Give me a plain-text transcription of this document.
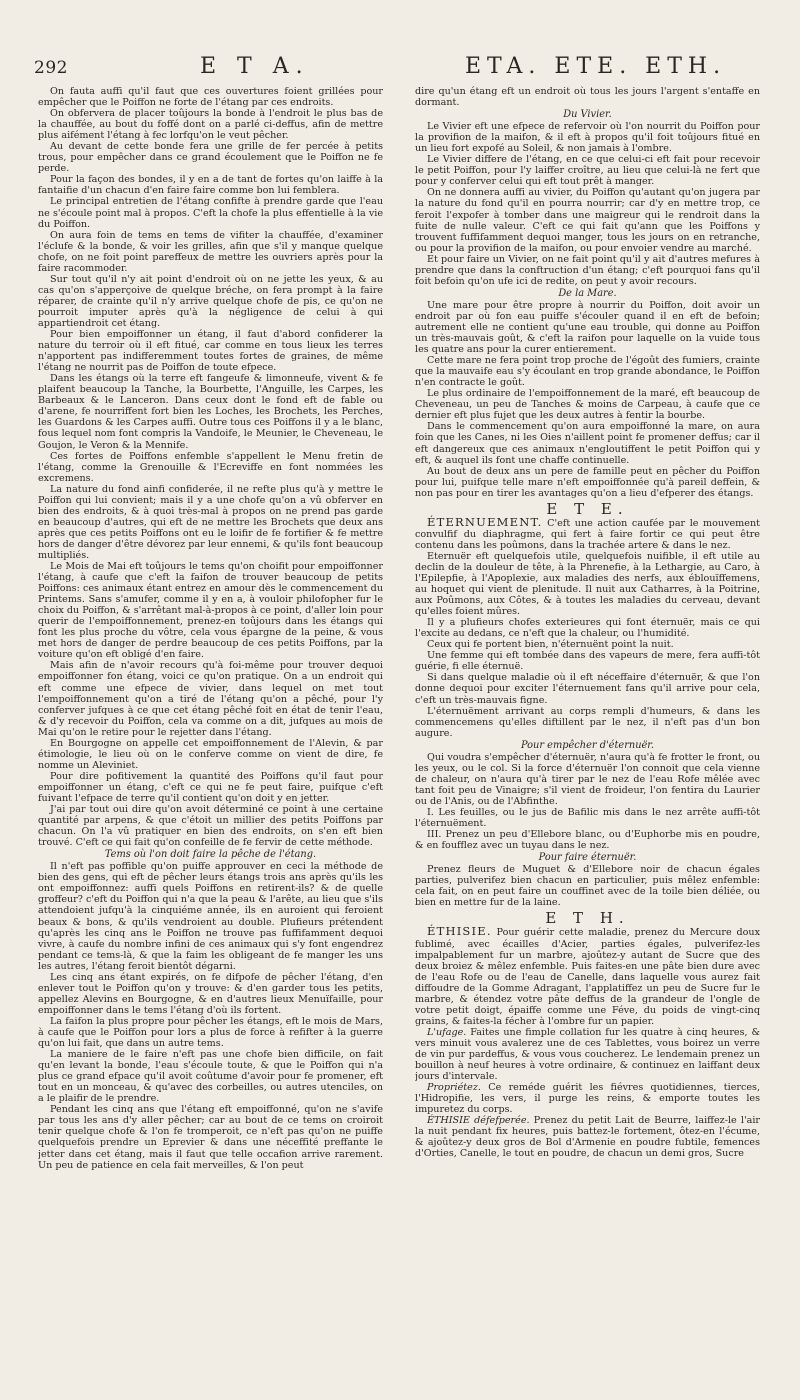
292	E T A.	ETA. ETE. ETH.

On fauta auffi qu'il faut que ces ouvertures foient grillées pour empêcher que le Poiffon ne forte de l'étang par ces endroits.

On obfervera de placer toûjours la bonde à l'endroit le plus bas de la chauffée, au bout du foffé dont on a parlé ci-deffus, afin de mettre plus aifément l'étang à fec lorfqu'on le veut pêcher.

Au devant de cette bonde fera une grille de fer percée à petits trous, pour empêcher dans ce grand écoulement que le Poiffon ne fe perde.

Pour la façon des bondes, il y en a de tant de fortes qu'on laiffe à la fantaifie d'un chacun d'en faire faire comme bon lui femblera.

Le principal entretien de l'étang confifte à prendre garde que l'eau ne s'écoule point mal à propos. C'eft la chofe la plus effentielle à la vie du Poiffon.

On aura foin de tems en tems de vifiter la chauffée, d'examiner l'éclufe & la bonde, & voir les grilles, afin que s'il y manque quelque chofe, on ne foit point pareffeux de mettre les ouvriers après pour la faire racommoder.

Sur tout qu'il n'y ait point d'endroit où on ne jette les yeux, & au cas qu'on s'apperçoive de quelque bréche, on fera prompt à la faire réparer, de crainte qu'il n'y arrive quelque chofe de pis, ce qu'on ne pourroit imputer après qu'à la négligence de celui à qui appartiendroit cet étang.

Pour bien empoiffonner un étang, il faut d'abord confiderer la nature du terroir où il eft fitué, car comme en tous lieux les terres n'apportent pas indifferemment toutes fortes de graines, de même l'étang ne nourrit pas de Poiffon de toute efpece.

Dans les étangs où la terre eft fangeufe & limonneufe, vivent & fe plaifent beaucoup la Tanche, la Bourbette, l'Anguille, les Carpes, les Barbeaux & le Lanceron. Dans ceux dont le fond eft de fable ou d'arene, fe nourriffent fort bien les Loches, les Brochets, les Perches, les Guardons & les Carpes auffi. Outre tous ces Poiffons il y a le blanc, fous lequel nom font compris la Vandoife, le Meunier, le Cheveneau, le Goujon, le Veron & la Mennife.

Ces fortes de Poiffons enfemble s'appellent le Menu fretin de l'étang, comme la Grenouille & l'Ecreviffe en font nommées les excremens.

La nature du fond ainfi confiderée, il ne refte plus qu'à y mettre le Poiffon qui lui convient; mais il y a une chofe qu'on a vû obferver en bien des endroits, & à quoi très-mal à propos on ne prend pas garde en beaucoup d'autres, qui eft de ne mettre les Brochets que deux ans après que ces petits Poiffons ont eu le loifir de fe fortifier & fe mettre hors de danger d'être dévorez par leur ennemi, & qu'ils font beaucoup multipliés.

Le Mois de Mai eft toûjours le tems qu'on choifit pour empoiffonner l'étang, à caufe que c'eft la faifon de trouver beaucoup de petits Poiffons: ces animaux étant entrez en amour dès le commencement du Printems. Sans s'amufer, comme il y en a, à vouloir philofopher fur le choix du Poiffon, & s'arrêtant mal-à-propos à ce point, d'aller loin pour querir de l'empoiffonnement, prenez-en toûjours dans les étangs qui font les plus proche du vôtre, cela vous épargne de la peine, & vous met hors de danger de perdre beaucoup de ces petits Poiffons, par la voiture qu'on eft obligé d'en faire.

Mais afin de n'avoir recours qu'à foi-même pour trouver dequoi empoiffonner fon étang, voici ce qu'on pratique. On a un endroit qui eft comme une efpece de vivier, dans lequel on met tout l'empoiffonnement qu'on a tiré de l'étang qu'on a pêché, pour l'y conferver jufques à ce que cet étang pêché foit en état de tenir l'eau, & d'y recevoir du Poiffon, cela va comme on a dit, jufques au mois de Mai qu'on le retire pour le rejetter dans l'étang.

En Bourgogne on appelle cet empoiffonnement de l'Alevin, & par étimologie, le lieu où on le conferve comme on vient de dire, fe nomme un Aleviniet.

Pour dire pofitivement la quantité des Poiffons qu'il faut pour empoiffonner un étang, c'eft ce qui ne fe peut faire, puifque c'eft fuivant l'efpace de terre qu'il contient qu'on doit y en jetter.

J'ai par tout oui dire qu'on avoit déterminé ce point à une certaine quantité par arpens, & que c'étoit un millier des petits Poiffons par chacun. On l'a vû pratiquer en bien des endroits, on s'en eft bien trouvé. C'eft ce qui fait qu'on confeille de fe fervir de cette méthode.

Tems où l'on doit faire la pêche de l'étang.

Il n'eft pas poffible qu'on puiffe approuver en ceci la méthode de bien des gens, qui eft de pêcher leurs étangs trois ans après qu'ils les ont empoiffonnez: auffi quels Poiffons en retirent-ils? & de quelle groffeur? c'eft du Poiffon qui n'a que la peau & l'arête, au lieu que s'ils attendoient jufqu'à la cinquiéme année, ils en auroient qui feroient beaux & bons, & qu'ils vendroient au double. Plufieurs prétendent qu'après les cinq ans le Poiffon ne trouve pas fuffifamment dequoi vivre, à caufe du nombre infini de ces animaux qui s'y font engendrez pendant ce tems-là, & que la faim les obligeant de fe manger les uns les autres, l'étang feroit bientôt dégarni.

Les cinq ans étant expirés, on fe difpofe de pêcher l'étang, d'en enlever tout le Poiffon qu'on y trouve: & d'en garder tous les petits, appellez Alevins en Bourgogne, & en d'autres lieux Menuïfaille, pour empoiffonner dans le tems l'étang d'où ils fortent.

La faifon la plus propre pour pêcher les étangs, eft le mois de Mars, à caufe que le Poiffon pour lors a plus de force à refifter à la guerre qu'on lui fait, que dans un autre tems.

La maniere de le faire n'eft pas une chofe bien difficile, on fait qu'en levant la bonde, l'eau s'écoule toute, & que le Poiffon qui n'a plus ce grand efpace qu'il avoit coûtume d'avoir pour fe promener, eft tout en un monceau, & qu'avec des corbeilles, ou autres utenciles, on a le plaifir de le prendre.

Pendant les cinq ans que l'étang eft empoiffonné, qu'on ne s'avife par tous les ans d'y aller pêcher; car au bout de ce tems on croiroit tenir quelque chofe & l'on fe tromperoit, ce n'eft pas qu'on ne puiffe quelquefois prendre un Eprevier & dans une néceffité preffante le jetter dans cet étang, mais il faut que telle occafion arrive rarement. Un peu de patience en cela fait merveilles, & l'on peut

dire qu'un étang eft un endroit où tous les jours l'argent s'entaffe en dormant.

Du Vivier.

Le Vivier eft une efpece de refervoir où l'on nourrit du Poiffon pour la provifion de la maifon, & il eft à propos qu'il foit toûjours fitué en un lieu fort expofé au Soleil, & non jamais à l'ombre.

Le Vivier differe de l'étang, en ce que celui-ci eft fait pour recevoir le petit Poiffon, pour l'y laiffer croître, au lieu que celui-là ne fert que pour y conferver celui qui eft tout prêt à manger.

On ne donnera auffi au vivier, du Poiffon qu'autant qu'on jugera par la nature du fond qu'il en pourra nourrir; car d'y en mettre trop, ce feroit l'expofer à tomber dans une maigreur qui le rendroit dans la fuite de nulle valeur. C'eft ce qui fait qu'ann que les Poiffons y trouvent fuffifamment dequoi manger, tous les jours on en retranche, ou pour la provifion de la maifon, ou pour envoier vendre au marché.

Et pour faire un Vivier, on ne fait point qu'il y ait d'autres mefures à prendre que dans la conftruction d'un étang; c'eft pourquoi fans qu'il foit befoin qu'on ufe ici de redite, on peut y avoir recours.

De la Mare.

Une mare pour être propre à nourrir du Poiffon, doit avoir un endroit par où fon eau puiffe s'écouler quand il en eft de befoin; autrement elle ne contient qu'une eau trouble, qui donne au Poiffon un très-mauvais goût, & c'eft la raifon pour laquelle on la vuide tous les quatre ans pour la curer entierement.

Cette mare ne fera point trop proche de l'égoût des fumiers, crainte que la mauvaife eau s'y écoulant en trop grande abondance, le Poiffon n'en contracte le goût.

Le plus ordinaire de l'empoiffonnement de la maré, eft beaucoup de Cheveneau, un peu de Tanches & moins de Carpeau, à caufe que ce dernier eft plus fujet que les deux autres à fentir la bourbe.

Dans le commencement qu'on aura empoiffonné la mare, on aura foin que les Canes, ni les Oies n'aillent point fe promener deffus; car il eft dangereux que ces animaux n'engloutiffent le petit Poiffon qui y eft, & auquel ils font une chaffe continuelle.

Au bout de deux ans un pere de famille peut en pêcher du Poiffon pour lui, puifque telle mare n'eft empoiffonnée qu'à pareil deffein, & non pas pour en tirer les avantages qu'on a lieu d'efperer des étangs.

E T E.

ÉTERNUEMENT. C'eft une action caufée par le mouvement convulfif du diaphragme, qui fert à faire fortir ce qui peut être contenu dans les poûmons, dans la trachée artere & dans le nez.

Eternuër eft quelquefois utile, quelquefois nuifible, il eft utile au declin de la douleur de tête, à la Phrenefie, à la Lethargie, au Caro, à l'Epilepfie, à l'Apoplexie, aux maladies des nerfs, aux éblouïffemens, au hoquet qui vient de plenitude. Il nuit aux Catharres, à la Poitrine, aux Poûmons, aux Côtes, & à toutes les maladies du cerveau, devant qu'elles foient mûres.

Il y a plufieurs chofes exterieures qui font éternuër, mais ce qui l'excite au dedans, ce n'eft que la chaleur, ou l'humidité.

Ceux qui fe portent bien, n'éternuënt point la nuit.

Une femme qui eft tombée dans des vapeurs de mere, fera auffi-tôt guérie, fi elle éternuë.

Si dans quelque maladie où il eft néceffaire d'éternuër, & que l'on donne dequoi pour exciter l'éternuement fans qu'il arrive pour cela, c'eft un très-mauvais figne.

L'éternuëment arrivant au corps rempli d'humeurs, & dans les commencemens qu'elles diftillent par le nez, il n'eft pas d'un bon augure.

Pour empêcher d'éternuër.

Qui voudra s'empêcher d'éternuër, n'aura qu'à fe frotter le front, ou les yeux, ou le col. Si la force d'éternuër l'on connoit que cela vienne de chaleur, on n'aura qu'à tirer par le nez de l'eau Rofe mêlée avec tant foit peu de Vinaigre; s'il vient de froideur, l'on fentira du Laurier ou de l'Anis, ou de l'Abfinthe.

I. Les feuilles, ou le jus de Bafilic mis dans le nez arrête auffi-tôt l'éternuëment.

III. Prenez un peu d'Ellebore blanc, ou d'Euphorbe mis en poudre, & en foufflez avec un tuyau dans le nez.

Pour faire éternuër.

Prenez fleurs de Muguet & d'Ellebore noir de chacun égales parties, pulverifez bien chacun en particulier, puis mêlez enfemble: cela fait, on en peut faire un couffinet avec de la toile bien déliée, ou bien en mettre fur de la laine.

E T H.

ÉTHISIE. Pour guérir cette maladie, prenez du Mercure doux fublimé, avec écailles d'Acier, parties égales, pulverifez-les impalpablement fur un marbre, ajoûtez-y autant de Sucre que des deux broiez & mêlez enfemble. Puis faites-en une pâte bien dure avec de l'eau Rofe ou de l'eau de Canelle, dans laquelle vous aurez fait diffoudre de la Gomme Adragant, l'applatiffez un peu de Sucre fur le marbre, & étendez votre pâte deffus de la grandeur de l'ongle de votre petit doigt, épaiffe comme une Féve, du poids de vingt-cinq grains, & faites-la fécher à l'ombre fur un papier.

L'ufage. Faites une fimple collation fur les quatre à cinq heures, & vers minuit vous avalerez une de ces Tablettes, vous boirez un verre de vin pur pardeffus, & vous vous coucherez. Le lendemain prenez un bouillon à neuf heures à votre ordinaire, & continuez en laiffant deux jours d'intervale.

Propriétez. Ce reméde guérit les fiévres quotidiennes, tierces, l'Hidropifie, les vers, il purge les reins, & emporte toutes les impuretez du corps.

ÉTHISIE défefperée. Prenez du petit Lait de Beurre, laiffez-le l'air la nuit pendant fix heures, puis battez-le fortement, ôtez-en l'écume, & ajoûtez-y deux gros de Bol d'Armenie en poudre fubtile, femences d'Orties, Canelle, le tout en poudre, de chacun un demi gros, Sucre
